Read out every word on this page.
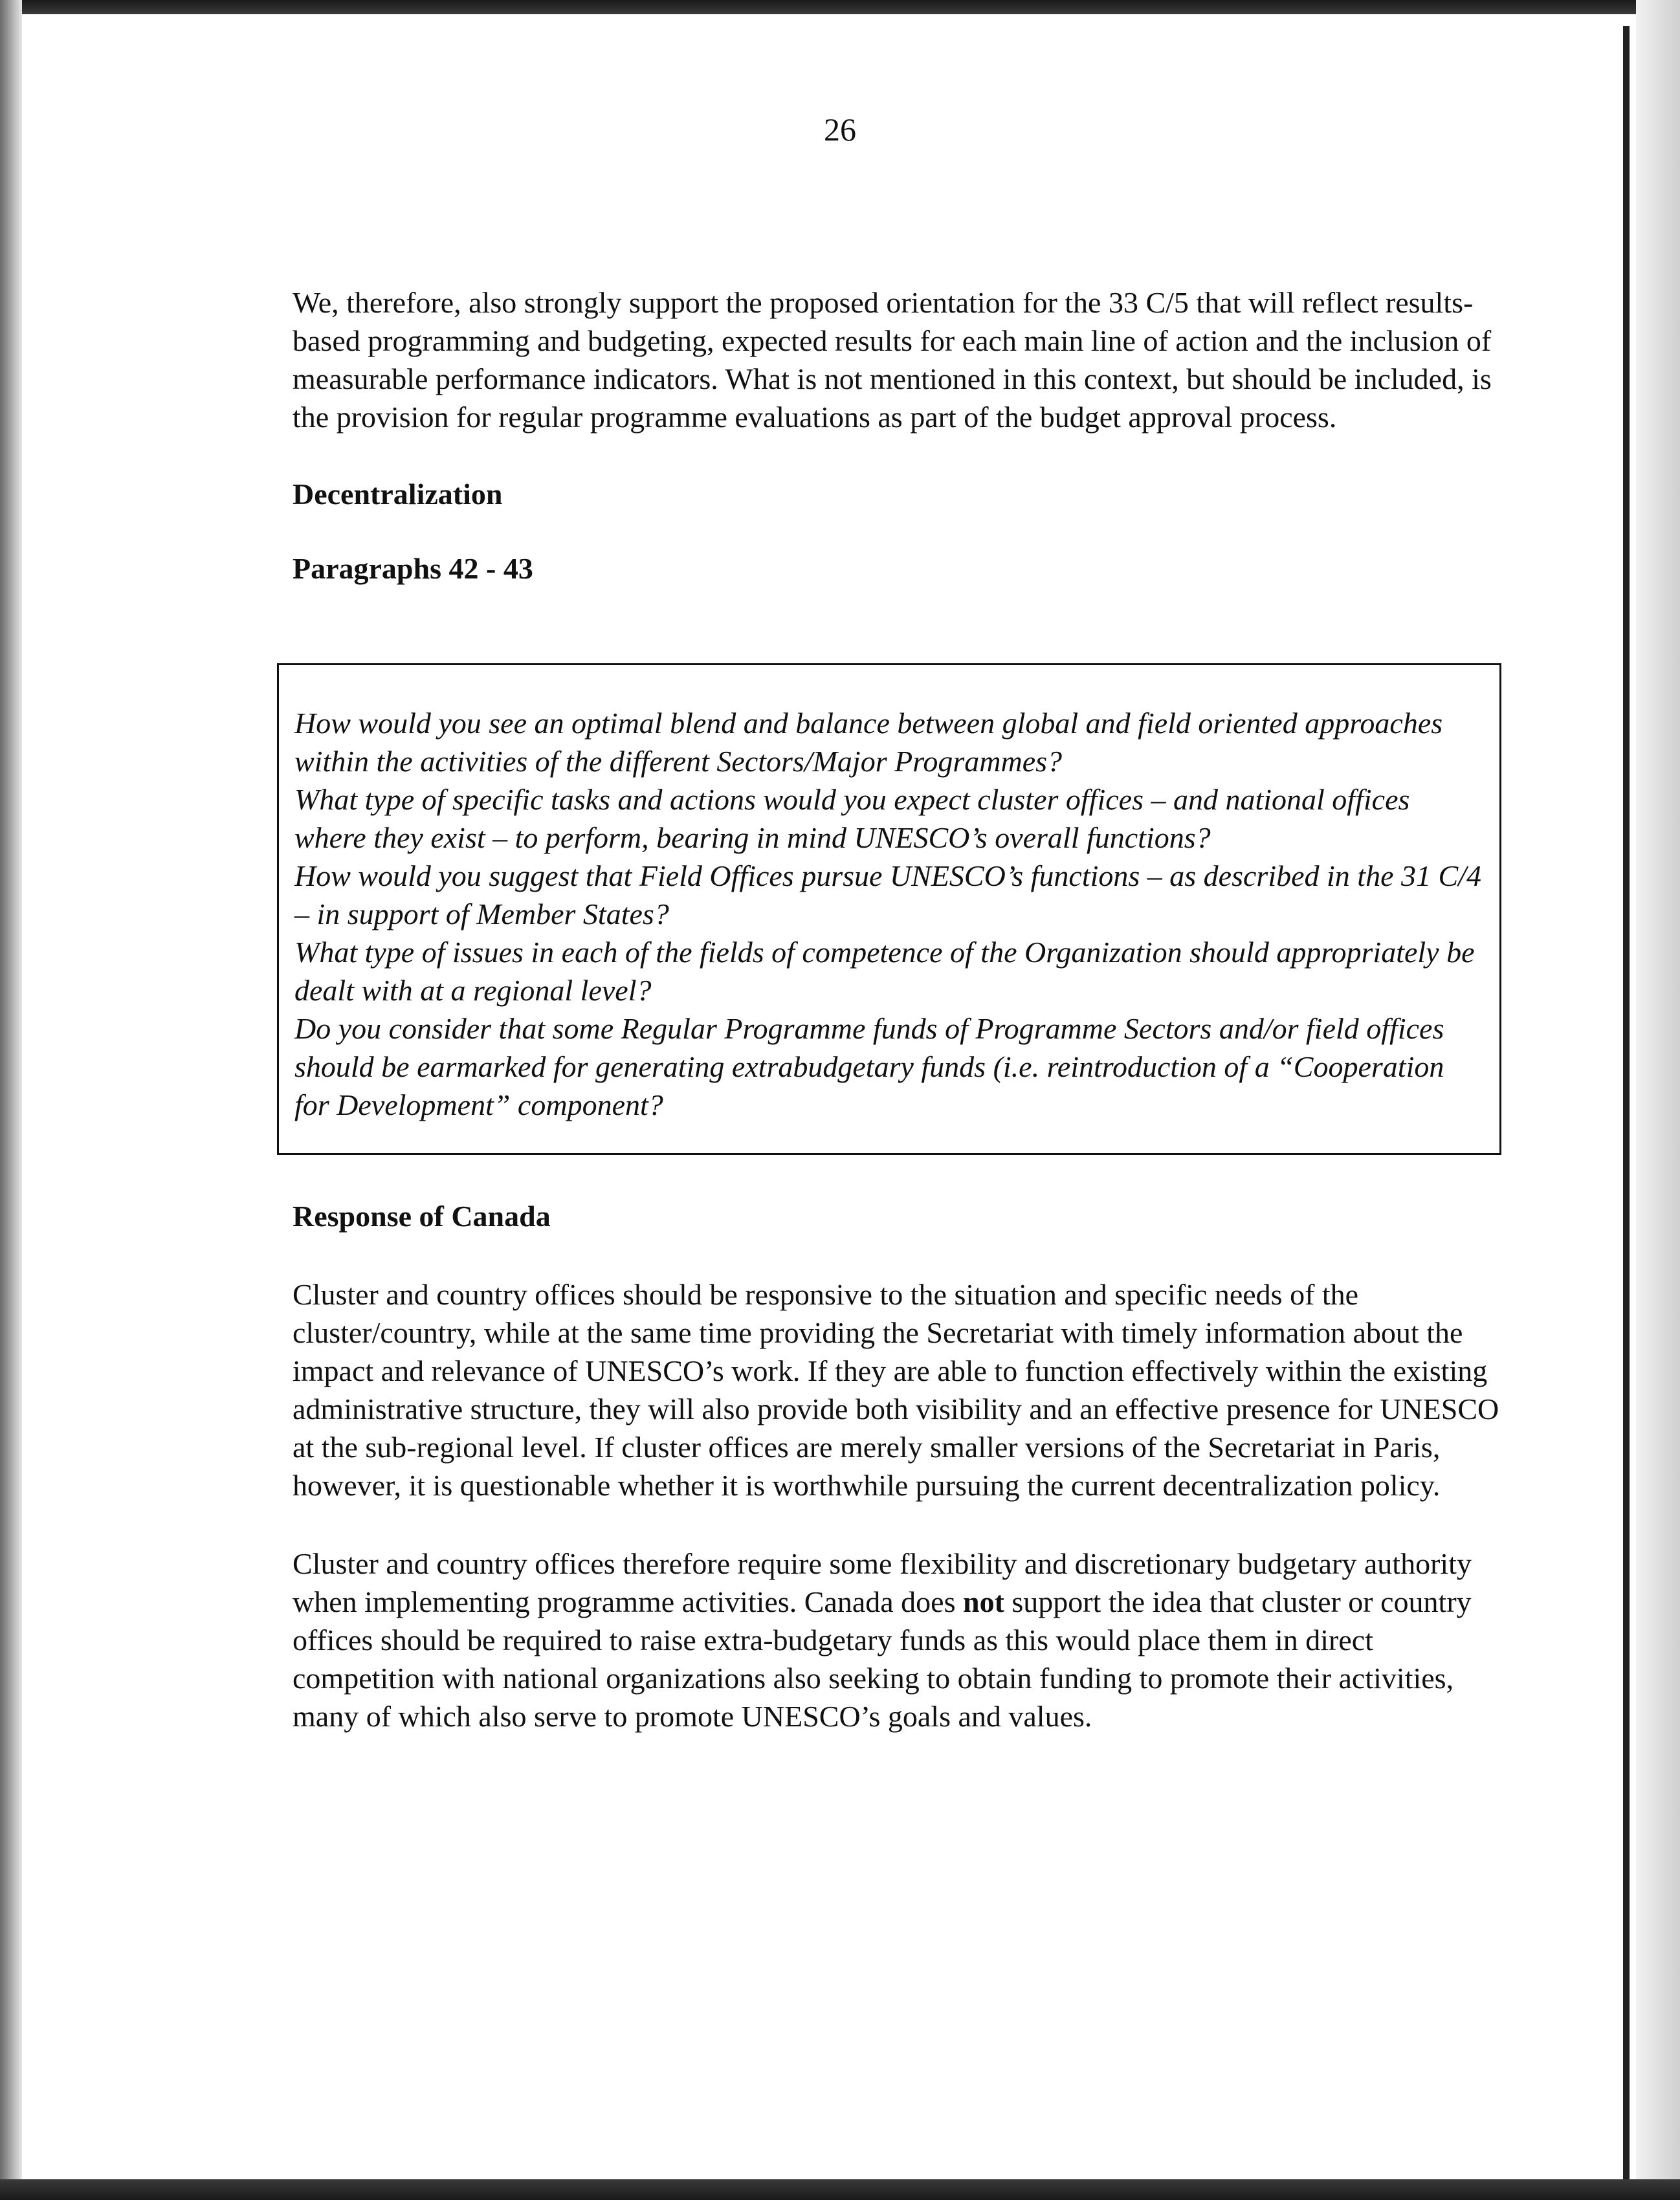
26

We, therefore, also strongly support the proposed orientation for the 33 C/5 that will reflect results-based programming and budgeting, expected results for each main line of action and the inclusion of measurable performance indicators. What is not mentioned in this context, but should be included, is the provision for regular programme evaluations as part of the budget approval process.

Decentralization

Paragraphs 42 - 43

How would you see an optimal blend and balance between global and field oriented approaches within the activities of the different Sectors/Major Programmes?

What type of specific tasks and actions would you expect cluster offices – and national offices where they exist – to perform, bearing in mind UNESCO’s overall functions?

How would you suggest that Field Offices pursue UNESCO’s functions – as described in the 31 C/4 – in support of Member States?

What type of issues in each of the fields of competence of the Organization should appropriately be dealt with at a regional level?

Do you consider that some Regular Programme funds of Programme Sectors and/or field offices should be earmarked for generating extrabudgetary funds (i.e. reintroduction of a “Cooperation for Development” component?

Response of Canada

Cluster and country offices should be responsive to the situation and specific needs of the cluster/country, while at the same time providing the Secretariat with timely information about the impact and relevance of UNESCO’s work. If they are able to function effectively within the existing administrative structure, they will also provide both visibility and an effective presence for UNESCO at the sub-regional level. If cluster offices are merely smaller versions of the Secretariat in Paris, however, it is questionable whether it is worthwhile pursuing the current decentralization policy.

Cluster and country offices therefore require some flexibility and discretionary budgetary authority when implementing programme activities. Canada does not support the idea that cluster or country offices should be required to raise extra-budgetary funds as this would place them in direct competition with national organizations also seeking to obtain funding to promote their activities, many of which also serve to promote UNESCO’s goals and values.
